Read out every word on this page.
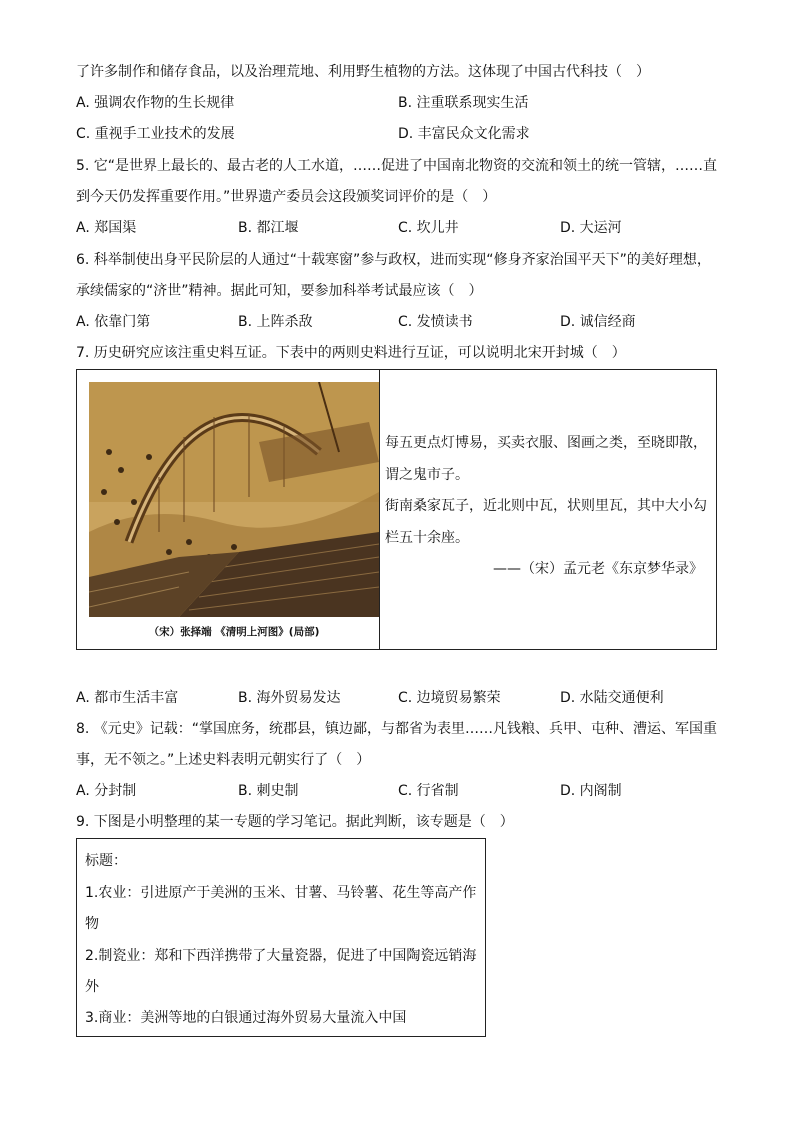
了许多制作和储存食品，以及治理荒地、利用野生植物的方法。这体现了中国古代科技（　）
A. 强调农作物的生长规律	B. 注重联系现实生活
C. 重视手工业技术的发展	D. 丰富民众文化需求
5. 它“是世界上最长的、最古老的人工水道，……促进了中国南北物资的交流和领土的统一管辖，……直
到今天仍发挥重要作用。”世界遗产委员会这段颁奖词评价的是（　）
A. 郑国渠	B. 都江堰	C. 坎儿井	D. 大运河
6. 科举制使出身平民阶层的人通过“十载寒窗”参与政权，进而实现“修身齐家治国平天下”的美好理想，
承续儒家的“济世”精神。据此可知，要参加科举考试最应该（　）
A. 依靠门第	B. 上阵杀敌	C. 发愤读书	D. 诚信经商
7. 历史研究应该注重史料互证。下表中的两则史料进行互证，可以说明北宋开封城（　）
（宋）张择端 《清明上河图》(局部)

每五更点灯博易，买卖衣服、图画之类，至晓即散，

谓之鬼市子。

街南桑家瓦子，近北则中瓦，状则里瓦，其中大小勾

栏五十余座。

——（宋）孟元老《东京梦华录》

A. 都市生活丰富	B. 海外贸易发达	C. 边境贸易繁荣	D. 水陆交通便利
8. 《元史》记载：“掌国庶务，统郡县，镇边鄙，与都省为表里……凡钱粮、兵甲、屯种、漕运、军国重
事，无不领之。”上述史料表明元朝实行了（　）
A. 分封制	B. 刺史制	C. 行省制	D. 内阁制
9. 下图是小明整理的某一专题的学习笔记。据此判断，该专题是（　）
标题：
1.农业：引进原产于美洲的玉米、甘薯、马铃薯、花生等高产作
物
2.制瓷业：郑和下西洋携带了大量瓷器，促进了中国陶瓷远销海
外
3.商业：美洲等地的白银通过海外贸易大量流入中国
